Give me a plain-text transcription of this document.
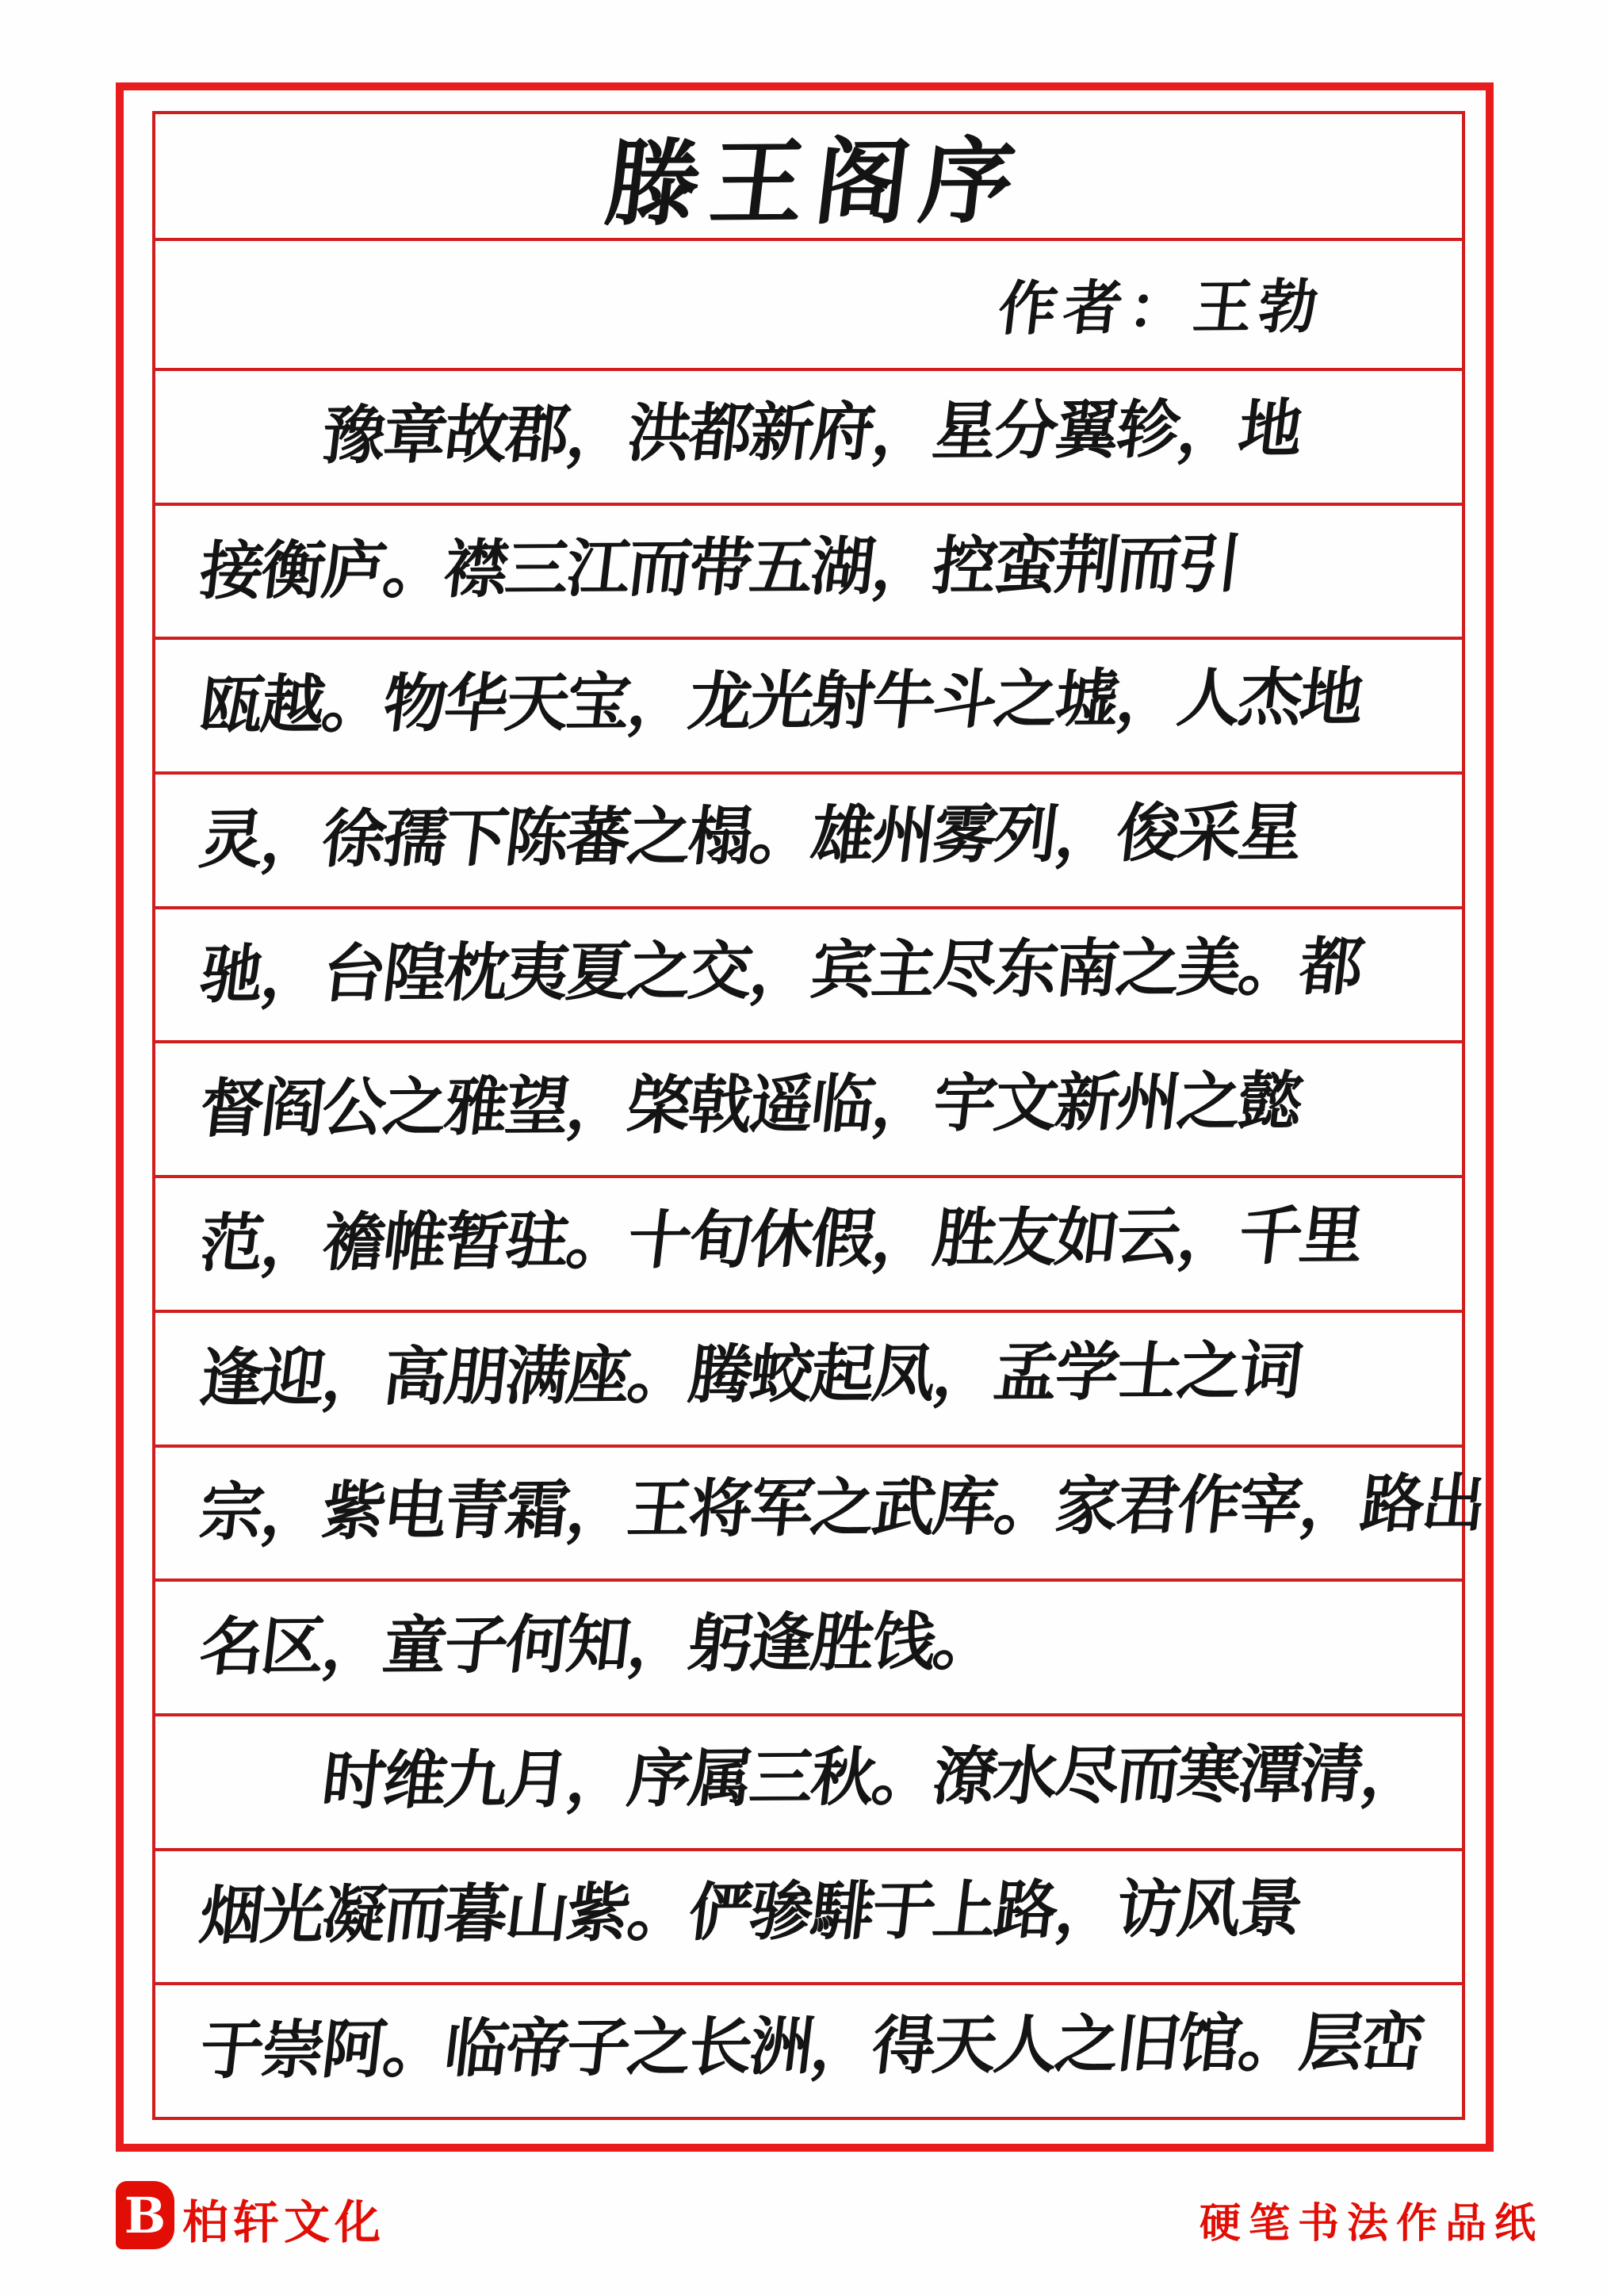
滕王阁序
作者：王勃
　　豫章故郡，洪都新府，星分翼轸，地
接衡庐。襟三江而带五湖，控蛮荆而引
瓯越。物华天宝，龙光射牛斗之墟，人杰地
灵，徐孺下陈蕃之榻。雄州雾列，俊采星
驰，台隍枕夷夏之交，宾主尽东南之美。都
督阎公之雅望，棨戟遥临，宇文新州之懿
范，襜帷暂驻。十旬休假，胜友如云，千里
逢迎，高朋满座。腾蛟起凤，孟学士之词
宗，紫电青霜，王将军之武库。家君作宰，路出
名区，童子何知，躬逢胜饯。
　　时维九月，序属三秋。潦水尽而寒潭清，
烟光凝而暮山紫。俨骖騑于上路，访风景
于崇阿。临帝子之长洲，得天人之旧馆。层峦
B 柏轩文化	硬笔书法作品纸
